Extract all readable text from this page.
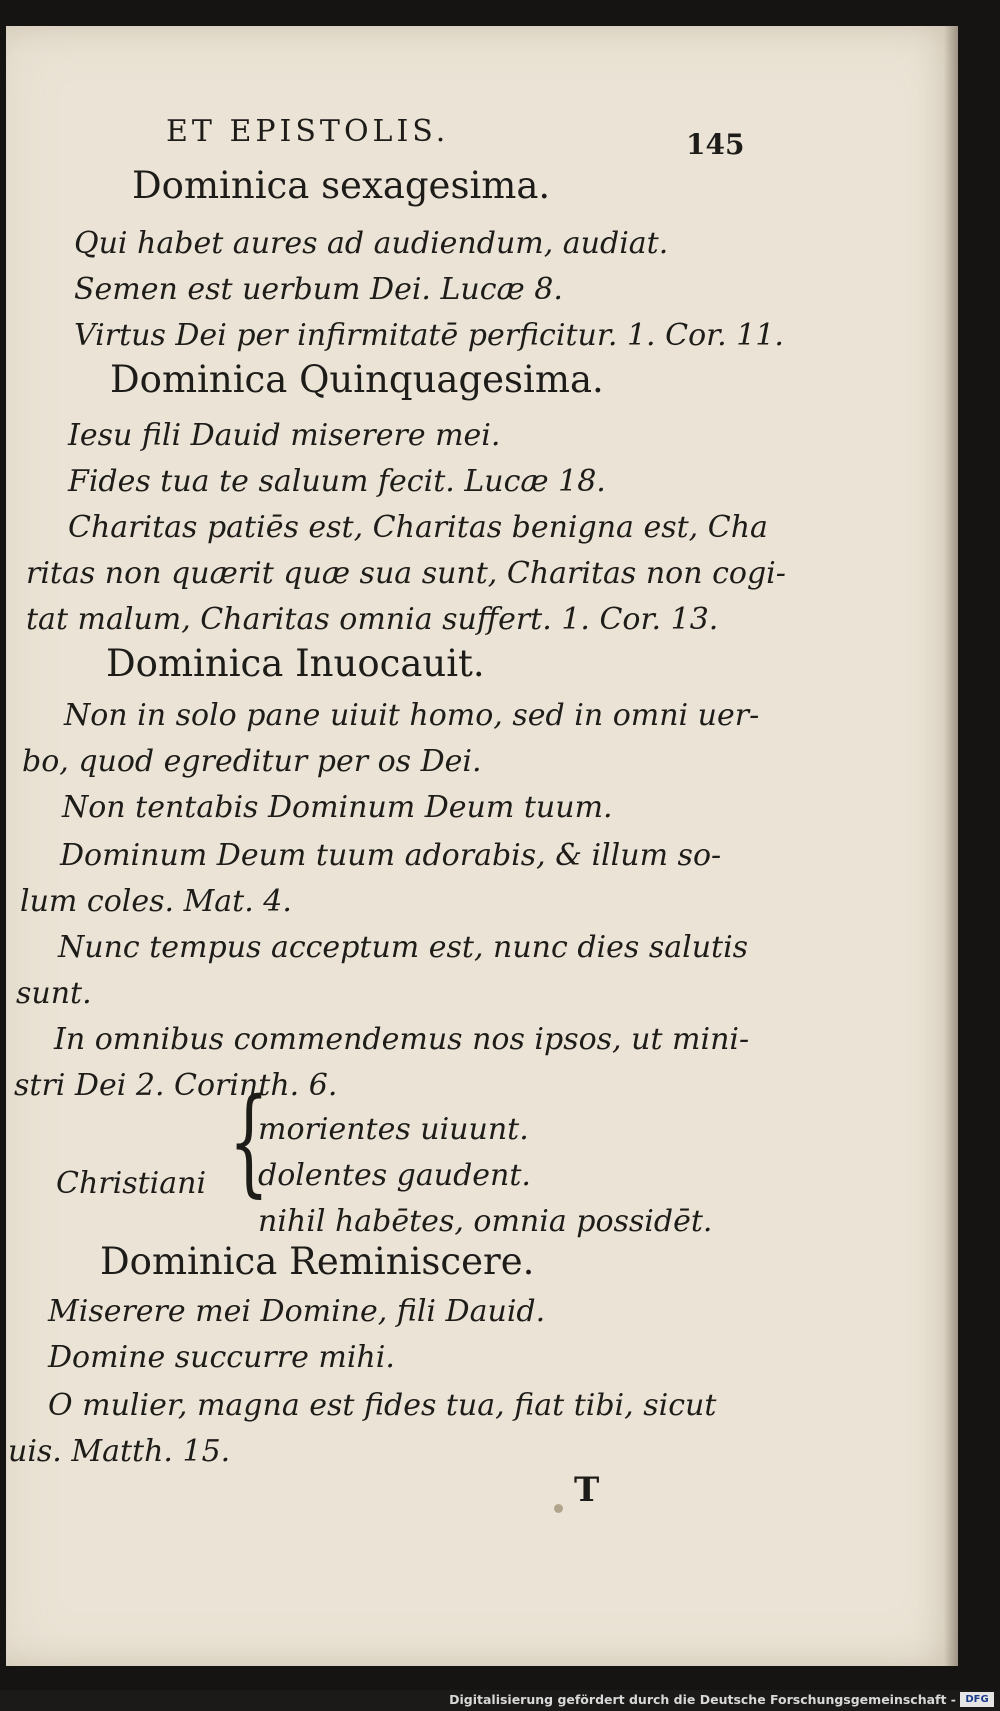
ET EPISTOLIS.	145
Dominica sexagesima.
Qui habet aures ad audiendum, audiat.
Semen est uerbum Dei. Lucæ 8.
Virtus Dei per infirmitatē perficitur. 1. Cor. 11.
Dominica Quinquagesima.
Iesu fili Dauid miserere mei.
Fides tua te saluum fecit. Lucæ 18.
Charitas patiēs est, Charitas benigna est, Cha
ritas non quærit quæ sua sunt, Charitas non cogi-
tat malum, Charitas omnia suffert. 1. Cor. 13.
Dominica Inuocauit.
Non in solo pane uiuit homo, sed in omni uer-
bo, quod egreditur per os Dei.
Non tentabis Dominum Deum tuum.
Dominum Deum tuum adorabis, & illum so-
lum coles. Mat. 4.
Nunc tempus acceptum est, nunc dies salutis
sunt.
In omnibus commendemus nos ipsos, ut mini-
stri Dei 2. Corinth. 6.
Christiani {
morientes uiuunt.
dolentes gaudent.
nihil habētes, omnia possidēt.
Dominica Reminiscere.
Miserere mei Domine, fili Dauid.
Domine succurre mihi.
O mulier, magna est fides tua, fiat tibi, sicut
uis. Matth. 15.
T
Digitalisierung gefördert durch die Deutsche Forschungsgemeinschaft - DFG
